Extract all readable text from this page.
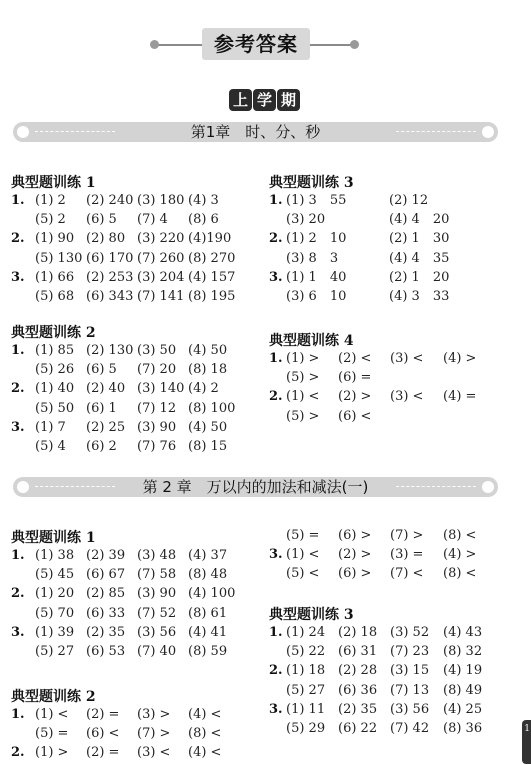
参考答案
上 学 期
第1章　时、分、秒
第 2 章　万以内的加法和减法(一)
典型题训练 1
1. (1) 2 (2) 240 (3) 180 (4) 3
(5) 2 (6) 5 (7) 4 (8) 6
2. (1) 90 (2) 80 (3) 220 (4)190
(5) 130 (6) 170 (7) 260 (8) 270
3. (1) 66 (2) 253 (3) 204 (4) 157
(5) 68 (6) 343 (7) 141 (8) 195
典型题训练 2
1. (1) 85 (2) 130 (3) 50 (4) 50
(5) 26 (6) 5 (7) 20 (8) 18
2. (1) 40 (2) 40 (3) 140 (4) 2
(5) 50 (6) 1 (7) 12 (8) 100
3. (1) 7 (2) 25 (3) 90 (4) 50
(5) 4 (6) 2 (7) 76 (8) 15
典型题训练 3
1. (1) 3　55	(2) 12
(3) 20	(4) 4　20
2. (1) 2　10	(2) 1　30
(3) 8　3	(4) 4　35
3. (1) 1　40	(2) 1　20
(3) 6　10	(4) 3　33
典型题训练 4
1. (1) > (2) < (3) < (4) >
(5) > (6) =
2. (1) < (2) > (3) < (4) =
(5) > (6) <
典型题训练 1
1. (1) 38 (2) 39 (3) 48 (4) 37
(5) 45 (6) 67 (7) 58 (8) 48
2. (1) 20 (2) 85 (3) 90 (4) 100
(5) 70 (6) 33 (7) 52 (8) 61
3. (1) 39 (2) 35 (3) 56 (4) 41
(5) 27 (6) 53 (7) 40 (8) 59
典型题训练 2
1. (1) < (2) = (3) > (4) <
(5) = (6) < (7) > (8) <
2. (1) > (2) = (3) < (4) <
(5) = (6) > (7) > (8) <
3. (1) < (2) > (3) = (4) >
(5) < (6) > (7) < (8) <
典型题训练 3
1. (1) 24 (2) 18 (3) 52 (4) 43
(5) 22 (6) 31 (7) 23 (8) 32
2. (1) 18 (2) 28 (3) 15 (4) 19
(5) 27 (6) 36 (7) 13 (8) 49
3. (1) 11 (2) 35 (3) 56 (4) 25
(5) 29 (6) 22 (7) 42 (8) 36	1
